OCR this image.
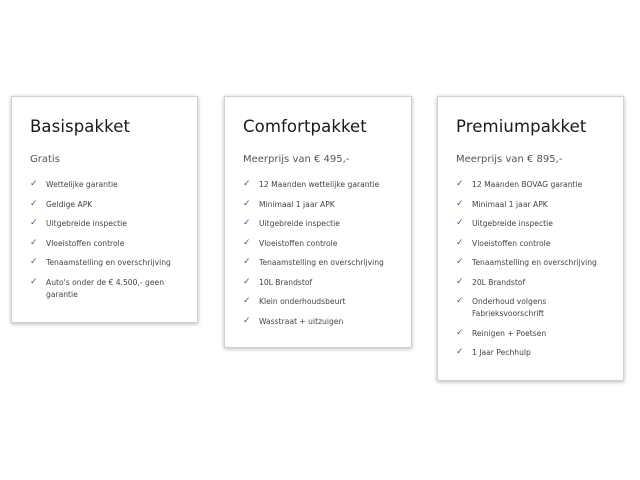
Basispakket
Gratis
✓	Wettelijke garantie
✓	Geldige APK
✓	Uitgebreide inspectie
✓	Vloeistoffen controle
✓	Tenaamstelling en overschrijving
✓	Auto's onder de € 4.500,- geen garantie
Comfortpakket
Meerprijs van € 495,-
✓	12 Maanden wettelijke garantie
✓	Minimaal 1 jaar APK
✓	Uitgebreide inspectie
✓	Vloeistoffen controle
✓	Tenaamstelling en overschrijving
✓	10L Brandstof
✓	Klein onderhoudsbeurt
✓	Wasstraat + uitzuigen
Premiumpakket
Meerprijs van € 895,-
✓	12 Maanden BOVAG garantie
✓	Minimaal 1 jaar APK
✓	Uitgebreide inspectie
✓	Vloeistoffen controle
✓	Tenaamstelling en overschrijving
✓	20L Brandstof
✓	Onderhoud volgens Fabrieksvoorschrift
✓	Reinigen + Poetsen
✓	1 Jaar Pechhulp
